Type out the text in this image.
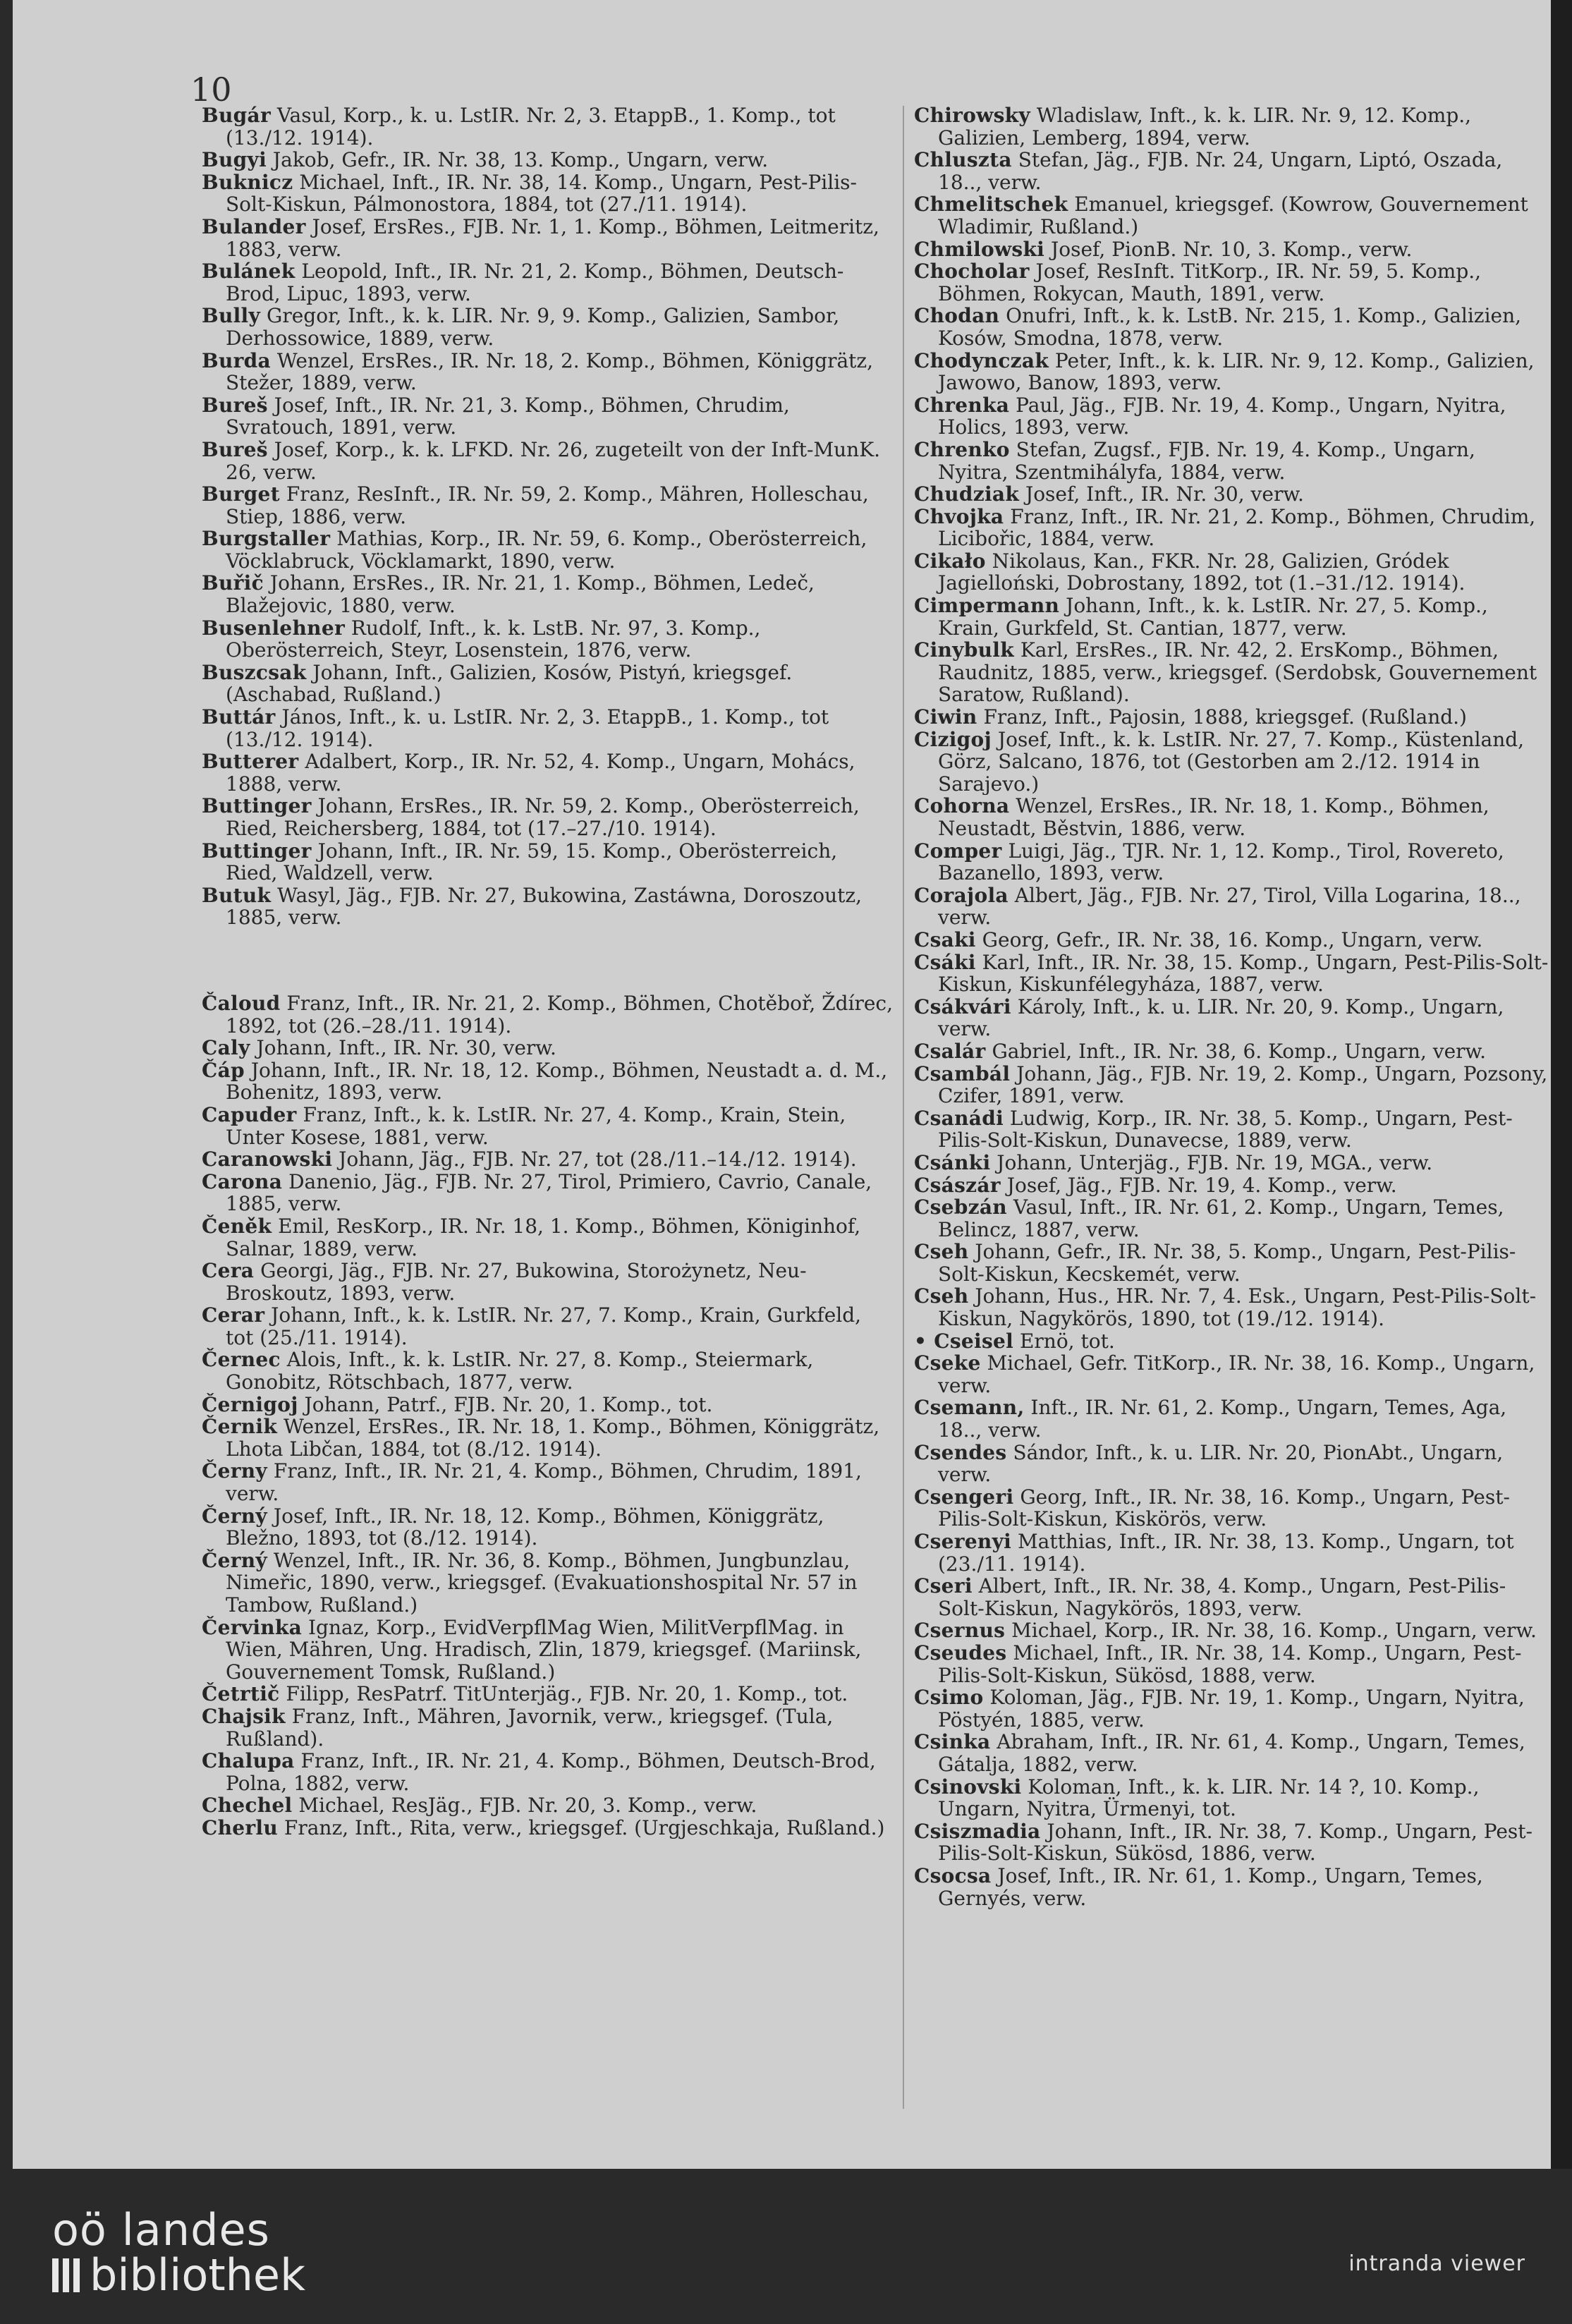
10
Bugár Vasul, Korp., k. u. LstIR. Nr. 2, 3. EtappB., 1. Komp., tot (13./12. 1914).
Bugyi Jakob, Gefr., IR. Nr. 38, 13. Komp., Ungarn, verw.
Buknicz Michael, Inft., IR. Nr. 38, 14. Komp., Ungarn, Pest-Pilis-Solt-Kiskun, Pálmonostora, 1884, tot (27./11. 1914).
Bulander Josef, ErsRes., FJB. Nr. 1, 1. Komp., Böhmen, Leitmeritz, 1883, verw.
Bulánek Leopold, Inft., IR. Nr. 21, 2. Komp., Böhmen, Deutsch-Brod, Lipuc, 1893, verw.
Bully Gregor, Inft., k. k. LIR. Nr. 9, 9. Komp., Galizien, Sambor, Derhossowice, 1889, verw.
Burda Wenzel, ErsRes., IR. Nr. 18, 2. Komp., Böhmen, Königgrätz, Stežer, 1889, verw.
Bureš Josef, Inft., IR. Nr. 21, 3. Komp., Böhmen, Chrudim, Svratouch, 1891, verw.
Bureš Josef, Korp., k. k. LFKD. Nr. 26, zugeteilt von der Inft-MunK. 26, verw.
Burget Franz, ResInft., IR. Nr. 59, 2. Komp., Mähren, Holleschau, Stiep, 1886, verw.
Burgstaller Mathias, Korp., IR. Nr. 59, 6. Komp., Oberösterreich, Vöcklabruck, Vöcklamarkt, 1890, verw.
Buřič Johann, ErsRes., IR. Nr. 21, 1. Komp., Böhmen, Ledeč, Blažejovic, 1880, verw.
Busenlehner Rudolf, Inft., k. k. LstB. Nr. 97, 3. Komp., Oberösterreich, Steyr, Losenstein, 1876, verw.
Buszcsak Johann, Inft., Galizien, Kosów, Pistyń, kriegsgef. (Aschabad, Rußland.)
Buttár János, Inft., k. u. LstIR. Nr. 2, 3. EtappB., 1. Komp., tot (13./12. 1914).
Butterer Adalbert, Korp., IR. Nr. 52, 4. Komp., Ungarn, Mohács, 1888, verw.
Buttinger Johann, ErsRes., IR. Nr. 59, 2. Komp., Oberösterreich, Ried, Reichersberg, 1884, tot (17.–27./10. 1914).
Buttinger Johann, Inft., IR. Nr. 59, 15. Komp., Oberösterreich, Ried, Waldzell, verw.
Butuk Wasyl, Jäg., FJB. Nr. 27, Bukowina, Zastáwna, Doroszoutz, 1885, verw.
Čaloud Franz, Inft., IR. Nr. 21, 2. Komp., Böhmen, Chotěboř, Ždírec, 1892, tot (26.–28./11. 1914).
Caly Johann, Inft., IR. Nr. 30, verw.
Čáp Johann, Inft., IR. Nr. 18, 12. Komp., Böhmen, Neustadt a. d. M., Bohenitz, 1893, verw.
Capuder Franz, Inft., k. k. LstIR. Nr. 27, 4. Komp., Krain, Stein, Unter Kosese, 1881, verw.
Caranowski Johann, Jäg., FJB. Nr. 27, tot (28./11.–14./12. 1914).
Carona Danenio, Jäg., FJB. Nr. 27, Tirol, Primiero, Cavrio, Canale, 1885, verw.
Čeněk Emil, ResKorp., IR. Nr. 18, 1. Komp., Böhmen, Königinhof, Salnar, 1889, verw.
Cera Georgi, Jäg., FJB. Nr. 27, Bukowina, Storożynetz, Neu-Broskoutz, 1893, verw.
Cerar Johann, Inft., k. k. LstIR. Nr. 27, 7. Komp., Krain, Gurkfeld, tot (25./11. 1914).
Černec Alois, Inft., k. k. LstIR. Nr. 27, 8. Komp., Steiermark, Gonobitz, Rötschbach, 1877, verw.
Černigoj Johann, Patrf., FJB. Nr. 20, 1. Komp., tot.
Černik Wenzel, ErsRes., IR. Nr. 18, 1. Komp., Böhmen, Königgrätz, Lhota Libčan, 1884, tot (8./12. 1914).
Černy Franz, Inft., IR. Nr. 21, 4. Komp., Böhmen, Chrudim, 1891, verw.
Černý Josef, Inft., IR. Nr. 18, 12. Komp., Böhmen, Königgrätz, Bležno, 1893, tot (8./12. 1914).
Černý Wenzel, Inft., IR. Nr. 36, 8. Komp., Böhmen, Jungbunzlau, Nimeřic, 1890, verw., kriegsgef. (Evakuationshospital Nr. 57 in Tambow, Rußland.)
Červinka Ignaz, Korp., EvidVerpflMag Wien, MilitVerpflMag. in Wien, Mähren, Ung. Hradisch, Zlin, 1879, kriegsgef. (Mariinsk, Gouvernement Tomsk, Rußland.)
Četrtič Filipp, ResPatrf. TitUnterjäg., FJB. Nr. 20, 1. Komp., tot.
Chajsik Franz, Inft., Mähren, Javornik, verw., kriegsgef. (Tula, Rußland).
Chalupa Franz, Inft., IR. Nr. 21, 4. Komp., Böhmen, Deutsch-Brod, Polna, 1882, verw.
Chechel Michael, ResJäg., FJB. Nr. 20, 3. Komp., verw.
Cherlu Franz, Inft., Rita, verw., kriegsgef. (Urgjeschkaja, Rußland.)
Chirowsky Wladislaw, Inft., k. k. LIR. Nr. 9, 12. Komp., Galizien, Lemberg, 1894, verw.
Chluszta Stefan, Jäg., FJB. Nr. 24, Ungarn, Liptó, Oszada, 18.., verw.
Chmelitschek Emanuel, kriegsgef. (Kowrow, Gouvernement Wladimir, Rußland.)
Chmilowski Josef, PionB. Nr. 10, 3. Komp., verw.
Chocholar Josef, ResInft. TitKorp., IR. Nr. 59, 5. Komp., Böhmen, Rokycan, Mauth, 1891, verw.
Chodan Onufri, Inft., k. k. LstB. Nr. 215, 1. Komp., Galizien, Kosów, Smodna, 1878, verw.
Chodynczak Peter, Inft., k. k. LIR. Nr. 9, 12. Komp., Galizien, Jawowo, Banow, 1893, verw.
Chrenka Paul, Jäg., FJB. Nr. 19, 4. Komp., Ungarn, Nyitra, Holics, 1893, verw.
Chrenko Stefan, Zugsf., FJB. Nr. 19, 4. Komp., Ungarn, Nyitra, Szentmihályfa, 1884, verw.
Chudziak Josef, Inft., IR. Nr. 30, verw.
Chvojka Franz, Inft., IR. Nr. 21, 2. Komp., Böhmen, Chrudim, Licibořic, 1884, verw.
Cikało Nikolaus, Kan., FKR. Nr. 28, Galizien, Gródek Jagielloński, Dobrostany, 1892, tot (1.–31./12. 1914).
Cimpermann Johann, Inft., k. k. LstIR. Nr. 27, 5. Komp., Krain, Gurkfeld, St. Cantian, 1877, verw.
Cinybulk Karl, ErsRes., IR. Nr. 42, 2. ErsKomp., Böhmen, Raudnitz, 1885, verw., kriegsgef. (Serdobsk, Gouvernement Saratow, Rußland).
Ciwin Franz, Inft., Pajosin, 1888, kriegsgef. (Rußland.)
Cizigoj Josef, Inft., k. k. LstIR. Nr. 27, 7. Komp., Küstenland, Görz, Salcano, 1876, tot (Gestorben am 2./12. 1914 in Sarajevo.)
Cohorna Wenzel, ErsRes., IR. Nr. 18, 1. Komp., Böhmen, Neustadt, Běstvin, 1886, verw.
Comper Luigi, Jäg., TJR. Nr. 1, 12. Komp., Tirol, Rovereto, Bazanello, 1893, verw.
Corajola Albert, Jäg., FJB. Nr. 27, Tirol, Villa Logarina, 18.., verw.
Csaki Georg, Gefr., IR. Nr. 38, 16. Komp., Ungarn, verw.
Csáki Karl, Inft., IR. Nr. 38, 15. Komp., Ungarn, Pest-Pilis-Solt-Kiskun, Kiskunfélegyháza, 1887, verw.
Csákvári Károly, Inft., k. u. LIR. Nr. 20, 9. Komp., Ungarn, verw.
Csalár Gabriel, Inft., IR. Nr. 38, 6. Komp., Ungarn, verw.
Csambál Johann, Jäg., FJB. Nr. 19, 2. Komp., Ungarn, Pozsony, Czifer, 1891, verw.
Csanádi Ludwig, Korp., IR. Nr. 38, 5. Komp., Ungarn, Pest-Pilis-Solt-Kiskun, Dunavecse, 1889, verw.
Csánki Johann, Unterjäg., FJB. Nr. 19, MGA., verw.
Császár Josef, Jäg., FJB. Nr. 19, 4. Komp., verw.
Csebzán Vasul, Inft., IR. Nr. 61, 2. Komp., Ungarn, Temes, Belincz, 1887, verw.
Cseh Johann, Gefr., IR. Nr. 38, 5. Komp., Ungarn, Pest-Pilis-Solt-Kiskun, Kecskemét, verw.
Cseh Johann, Hus., HR. Nr. 7, 4. Esk., Ungarn, Pest-Pilis-Solt-Kiskun, Nagykörös, 1890, tot (19./12. 1914).
• Cseisel Ernö, tot.
Cseke Michael, Gefr. TitKorp., IR. Nr. 38, 16. Komp., Ungarn, verw.
Csemann, Inft., IR. Nr. 61, 2. Komp., Ungarn, Temes, Aga, 18.., verw.
Csendes Sándor, Inft., k. u. LIR. Nr. 20, PionAbt., Ungarn, verw.
Csengeri Georg, Inft., IR. Nr. 38, 16. Komp., Ungarn, Pest-Pilis-Solt-Kiskun, Kiskörös, verw.
Cserenyi Matthias, Inft., IR. Nr. 38, 13. Komp., Ungarn, tot (23./11. 1914).
Cseri Albert, Inft., IR. Nr. 38, 4. Komp., Ungarn, Pest-Pilis-Solt-Kiskun, Nagykörös, 1893, verw.
Csernus Michael, Korp., IR. Nr. 38, 16. Komp., Ungarn, verw.
Cseudes Michael, Inft., IR. Nr. 38, 14. Komp., Ungarn, Pest-Pilis-Solt-Kiskun, Sükösd, 1888, verw.
Csimo Koloman, Jäg., FJB. Nr. 19, 1. Komp., Ungarn, Nyitra, Pöstyén, 1885, verw.
Csinka Abraham, Inft., IR. Nr. 61, 4. Komp., Ungarn, Temes, Gátalja, 1882, verw.
Csinovski Koloman, Inft., k. k. LIR. Nr. 14 ?, 10. Komp., Ungarn, Nyitra, Ürmenyi, tot.
Csiszmadia Johann, Inft., IR. Nr. 38, 7. Komp., Ungarn, Pest-Pilis-Solt-Kiskun, Sükösd, 1886, verw.
Csocsa Josef, Inft., IR. Nr. 61, 1. Komp., Ungarn, Temes, Gernyés, verw.
oö landes
bibliothek	intranda viewer
